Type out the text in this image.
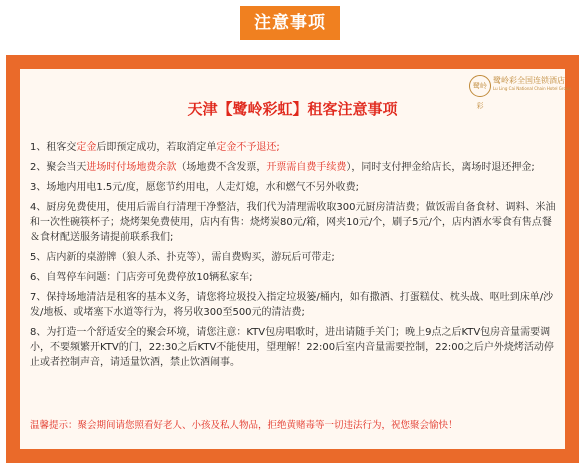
注意事项
鹭岭彩
鹭岭彩全国连锁酒店
Lu Ling Cai National Chain Hotel Group
天津【鹭岭彩虹】租客注意事项
1、租客交定金后即预定成功，若取消定单定金不予退还;
2、聚会当天进场时付场地费余款（场地费不含发票，开票需自费手续费），同时支付押金给店长，离场时退还押金;
3、场地内用电1.5元/度，愿您节约用电，人走灯熄，水和燃气不另外收费;
4、厨房免费使用，使用后需自行清理干净整洁，我们代为清理需收取300元厨房清洁费；做饭需自备食材、调料、米油和一次性碗筷杯子；烧烤架免费使用，店内有售：烧烤炭80元/箱，网夹10元/个，刷子5元/个，店内酒水零食有售点餐＆食材配送服务请提前联系我们;
5、店内新的桌游牌（狼人杀、扑克等），需自费购买，游玩后可带走;
6、自驾停车问题：门店旁可免费停放10辆私家车;
7、保持场地清洁是租客的基本义务，请您将垃圾投入指定垃圾篓/桶内，如有撒酒、打蛋糕仗、枕头战、呕吐到床单/沙发/地板、或堵塞下水道等行为，将另收300至500元的清洁费;
8、为打造一个舒适安全的聚会环境，请您注意：KTV包房唱歌时，进出请随手关门；晚上9点之后KTV包房音量需要调小，不要频繁开KTV的门，22:30之后KTV不能使用，望理解！22:00后室内音量需要控制，22:00之后户外烧烤活动停止或者控制声音，请适量饮酒，禁止饮酒闹事。
温馨提示：聚会期间请您照看好老人、小孩及私人物品，拒绝黄赌毒等一切违法行为，祝您聚会愉快！
